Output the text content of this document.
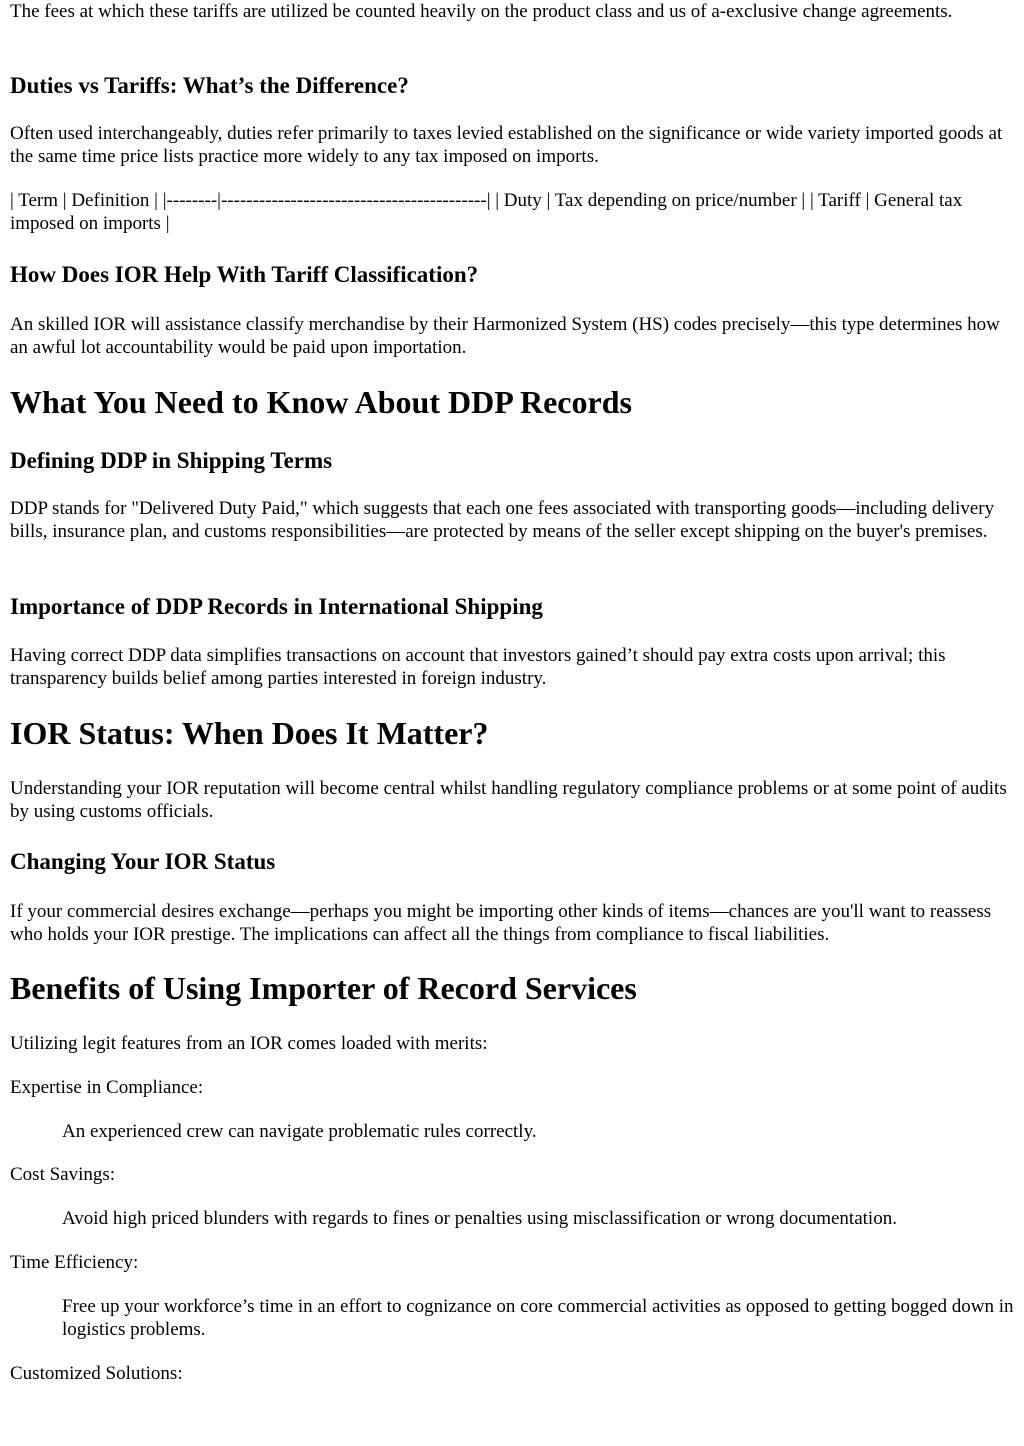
The fees at which these tariffs are utilized be counted heavily on the product class and us of a-exclusive change agreements.

Duties vs Tariffs: What’s the Difference?

Often used interchangeably, duties refer primarily to taxes levied established on the significance or wide variety imported goods at the same time price lists practice more widely to any tax imposed on imports.

| Term | Definition | |--------|------------------------------------------| | Duty | Tax depending on price/number | | Tariff | General tax imposed on imports |

How Does IOR Help With Tariff Classification?

An skilled IOR will assistance classify merchandise by their Harmonized System (HS) codes precisely—this type determines how an awful lot accountability would be paid upon importation.

What You Need to Know About DDP Records
Defining DDP in Shipping Terms

DDP stands for "Delivered Duty Paid," which suggests that each one fees associated with transporting goods—including delivery bills, insurance plan, and customs responsibilities—are protected by means of the seller except shipping on the buyer's premises.

Importance of DDP Records in International Shipping

Having correct DDP data simplifies transactions on account that investors gained’t should pay extra costs upon arrival; this transparency builds belief among parties interested in foreign industry.

IOR Status: When Does It Matter?

Understanding your IOR reputation will become central whilst handling regulatory compliance problems or at some point of audits by using customs officials.

Changing Your IOR Status

If your commercial desires exchange—perhaps you might be importing other kinds of items—chances are you'll want to reassess who holds your IOR prestige. The implications can affect all the things from compliance to fiscal liabilities.

Benefits of Using Importer of Record Services

Utilizing legit features from an IOR comes loaded with merits:

Expertise in Compliance:

An experienced crew can navigate problematic rules correctly.

Cost Savings:

Avoid high priced blunders with regards to fines or penalties using misclassification or wrong documentation.

Time Efficiency:

Free up your workforce’s time in an effort to cognizance on core commercial activities as opposed to getting bogged down in logistics problems.

Customized Solutions:
